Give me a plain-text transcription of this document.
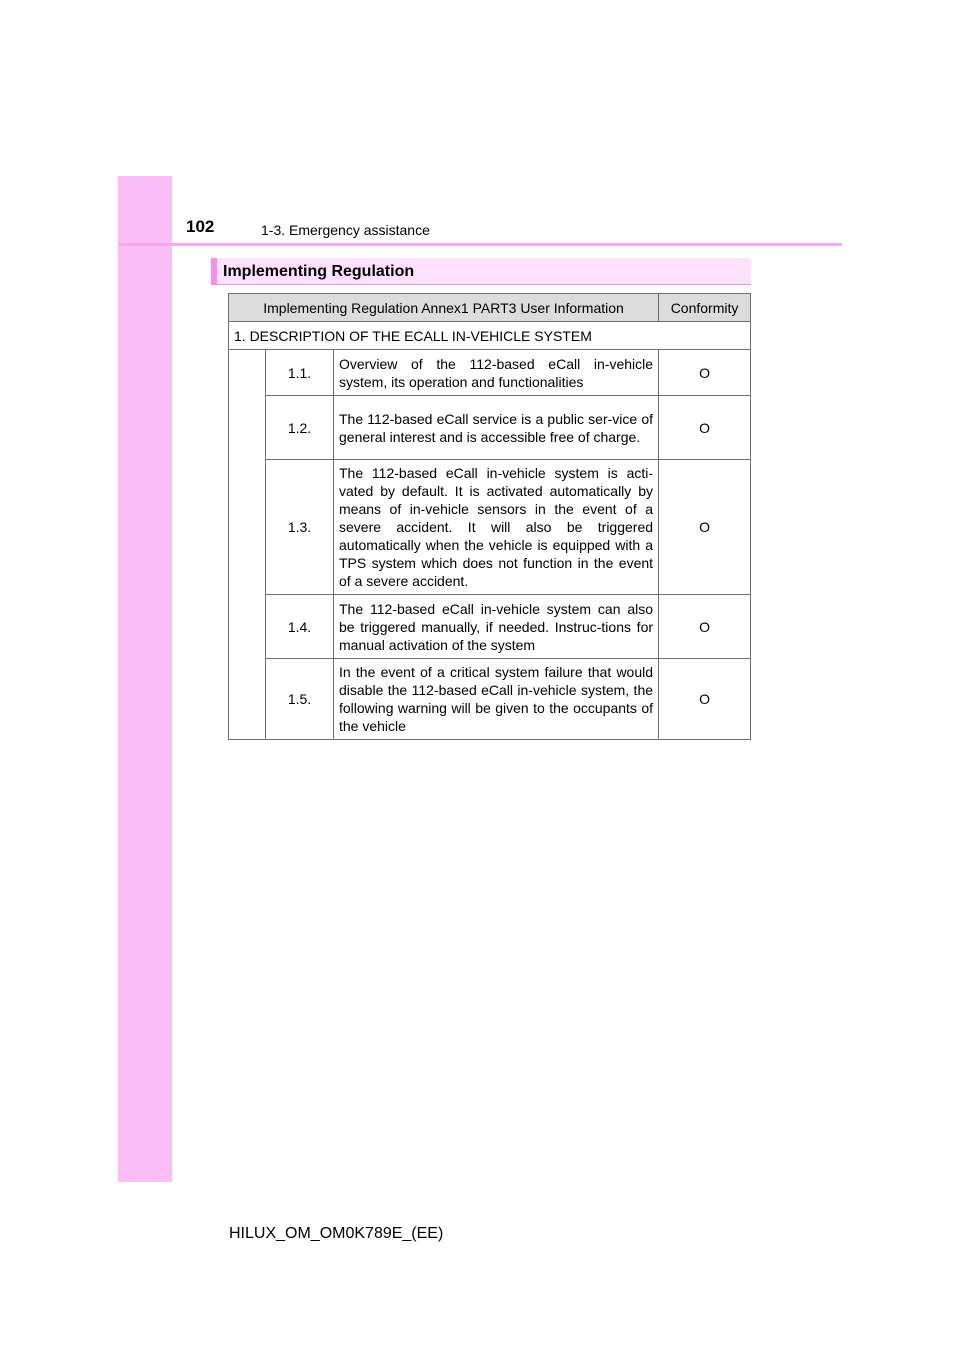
102	1-3. Emergency assistance
Implementing Regulation
Implementing Regulation Annex1 PART3 User Information			Conformity
1. DESCRIPTION OF THE ECALL IN-VEHICLE SYSTEM			
	1.1.	Overview of the 112-based eCall in-vehicle system, its operation and functionalities	O
	1.2.	The 112-based eCall service is a public ser-vice of general interest and is accessible free of charge.	O
	1.3.	The 112-based eCall in-vehicle system is acti-vated by default. It is activated automatically by means of in-vehicle sensors in the event of a severe accident. It will also be triggered automatically when the vehicle is equipped with a TPS system which does not function in the event of a severe accident.	O
	1.4.	The 112-based eCall in-vehicle system can also be triggered manually, if needed. Instruc-tions for manual activation of the system	O
	1.5.	In the event of a critical system failure that would disable the 112-based eCall in-vehicle system, the following warning will be given to the occupants of the vehicle	O
HILUX_OM_OM0K789E_(EE)
